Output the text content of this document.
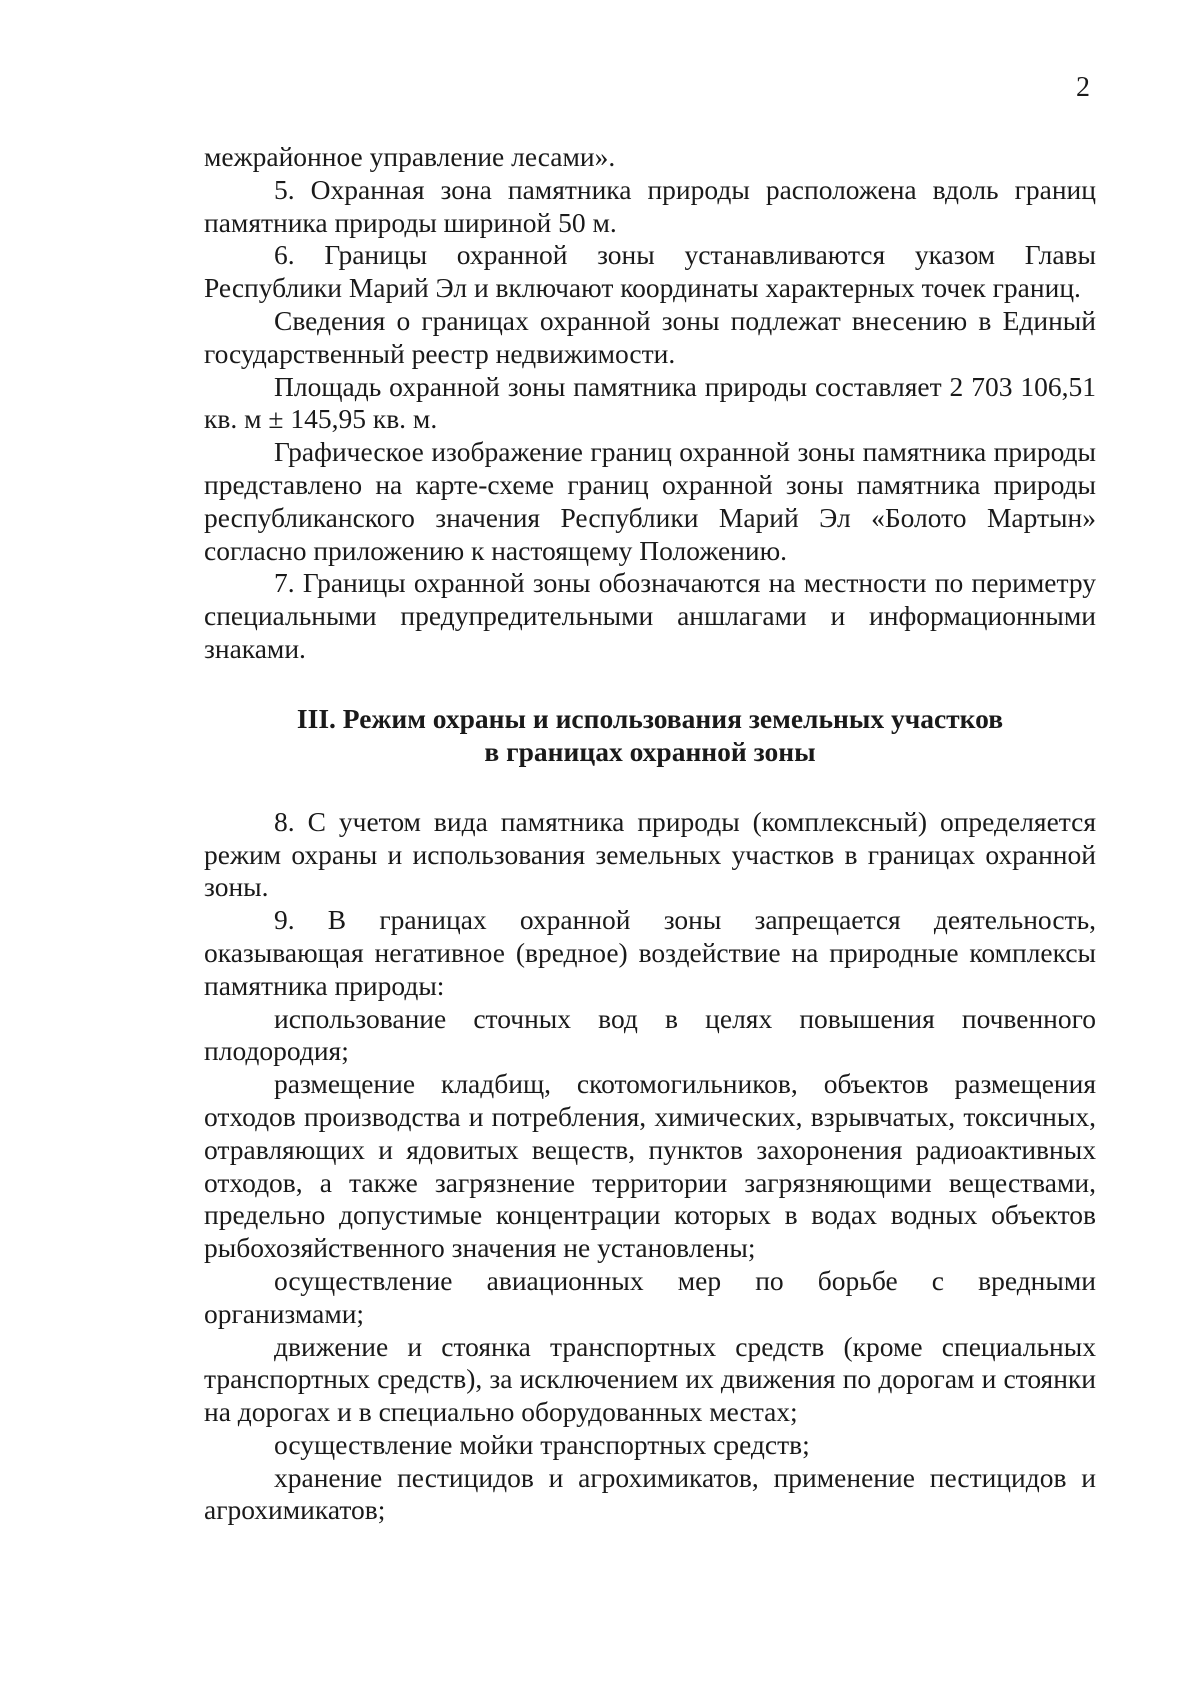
2

межрайонное управление лесами».

5. Охранная зона памятника природы расположена вдоль границ памятника природы шириной 50 м.

6. Границы охранной зоны устанавливаются указом Главы Республики Марий Эл и включают координаты характерных точек границ.

Сведения о границах охранной зоны подлежат внесению в Единый государственный реестр недвижимости.

Площадь охранной зоны памятника природы составляет 2 703 106,51 кв. м ± 145,95 кв. м.

Графическое изображение границ охранной зоны памятника природы представлено на карте-схеме границ охранной зоны памятника природы республиканского значения Республики Марий Эл «Болото Мартын» согласно приложению к настоящему Положению.

7. Границы охранной зоны обозначаются на местности по периметру специальными предупредительными аншлагами и информационными знаками.

III. Режим охраны и использования земельных участков
в границах охранной зоны

8. С учетом вида памятника природы (комплексный) определяется режим охраны и использования земельных участков в границах охранной зоны.

9. В границах охранной зоны запрещается деятельность, оказывающая негативное (вредное) воздействие на природные комплексы памятника природы:

использование сточных вод в целях повышения почвенного плодородия;

размещение кладбищ, скотомогильников, объектов размещения отходов производства и потребления, химических, взрывчатых, токсичных, отравляющих и ядовитых веществ, пунктов захоронения радиоактивных отходов, а также загрязнение территории загрязняющими веществами, предельно допустимые концентрации которых в водах водных объектов рыбохозяйственного значения не установлены;

осуществление авиационных мер по борьбе с вредными организмами;

движение и стоянка транспортных средств (кроме специальных транспортных средств), за исключением их движения по дорогам и стоянки на дорогах и в специально оборудованных местах;

осуществление мойки транспортных средств;

хранение пестицидов и агрохимикатов, применение пестицидов и агрохимикатов;
